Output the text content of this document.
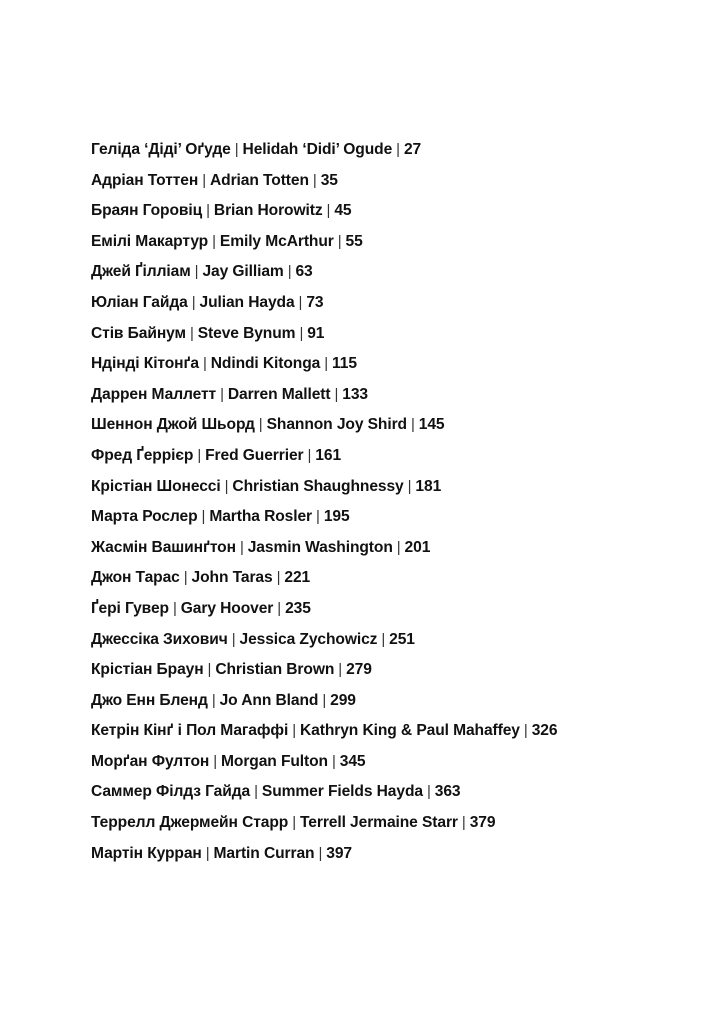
Геліда ‘Діді’ Оґуде | Helidah ‘Didi’ Ogude | 27
Адріан Тоттен | Adrian Totten | 35
Браян Горовіц | Brian Horowitz | 45
Емілі Макартур | Emily McArthur | 55
Джей Ґілліам | Jay Gilliam | 63
Юліан Гайда | Julian Hayda | 73
Стів Байнум | Steve Bynum | 91
Ндінді Кітонґа | Ndindi Kitonga | 115
Даррен Маллетт | Darren Mallett | 133
Шеннон Джой Шьорд | Shannon Joy Shird | 145
Фред Ґеррієр | Fred Guerrier | 161
Крістіан Шонессі | Christian Shaughnessy | 181
Марта Рослер | Martha Rosler | 195
Жасмін Вашинґтон | Jasmin Washington | 201
Джон Тарас | John Taras | 221
Ґері Гувер | Gary Hoover | 235
Джессіка Зихович | Jessica Zychowicz | 251
Крістіан Браун | Christian Brown | 279
Джо Енн Бленд | Jo Ann Bland | 299
Кетрін Кінґ і Пол Магаффі | Kathryn King & Paul Mahaffey | 326
Морґан Фултон | Morgan Fulton | 345
Саммер Філдз Гайда | Summer Fields Hayda | 363
Террелл Джермейн Старр | Terrell Jermaine Starr | 379
Мартін Курран | Martin Curran | 397
